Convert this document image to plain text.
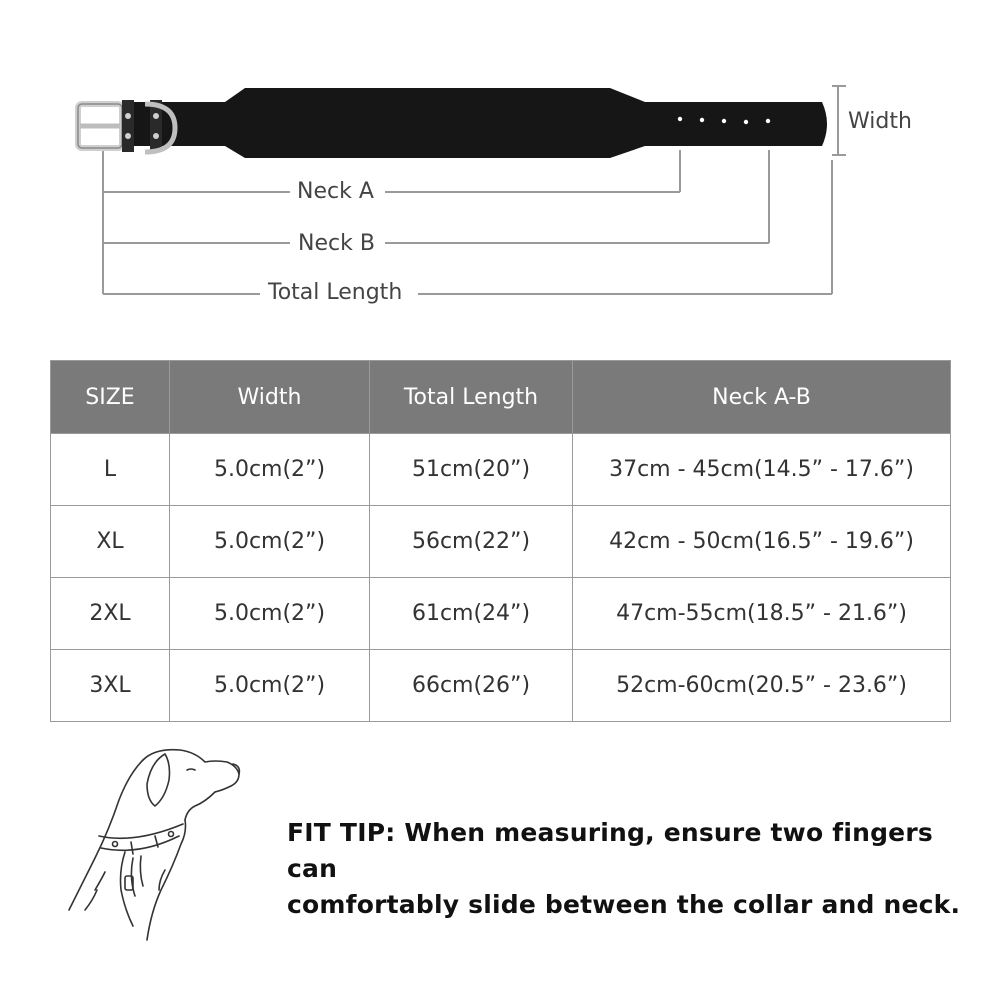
Width
Neck A
Neck B
Total Length
SIZE	Width	Total Length	Neck A-B
L	5.0cm(2”)	51cm(20”)	37cm - 45cm(14.5” - 17.6”)
XL	5.0cm(2”)	56cm(22”)	42cm - 50cm(16.5” - 19.6”)
2XL	5.0cm(2”)	61cm(24”)	47cm-55cm(18.5” - 21.6”)
3XL	5.0cm(2”)	66cm(26”)	52cm-60cm(20.5” - 23.6”)
FIT TIP: When measuring, ensure two fingers can
comfortably slide between the collar and neck.
